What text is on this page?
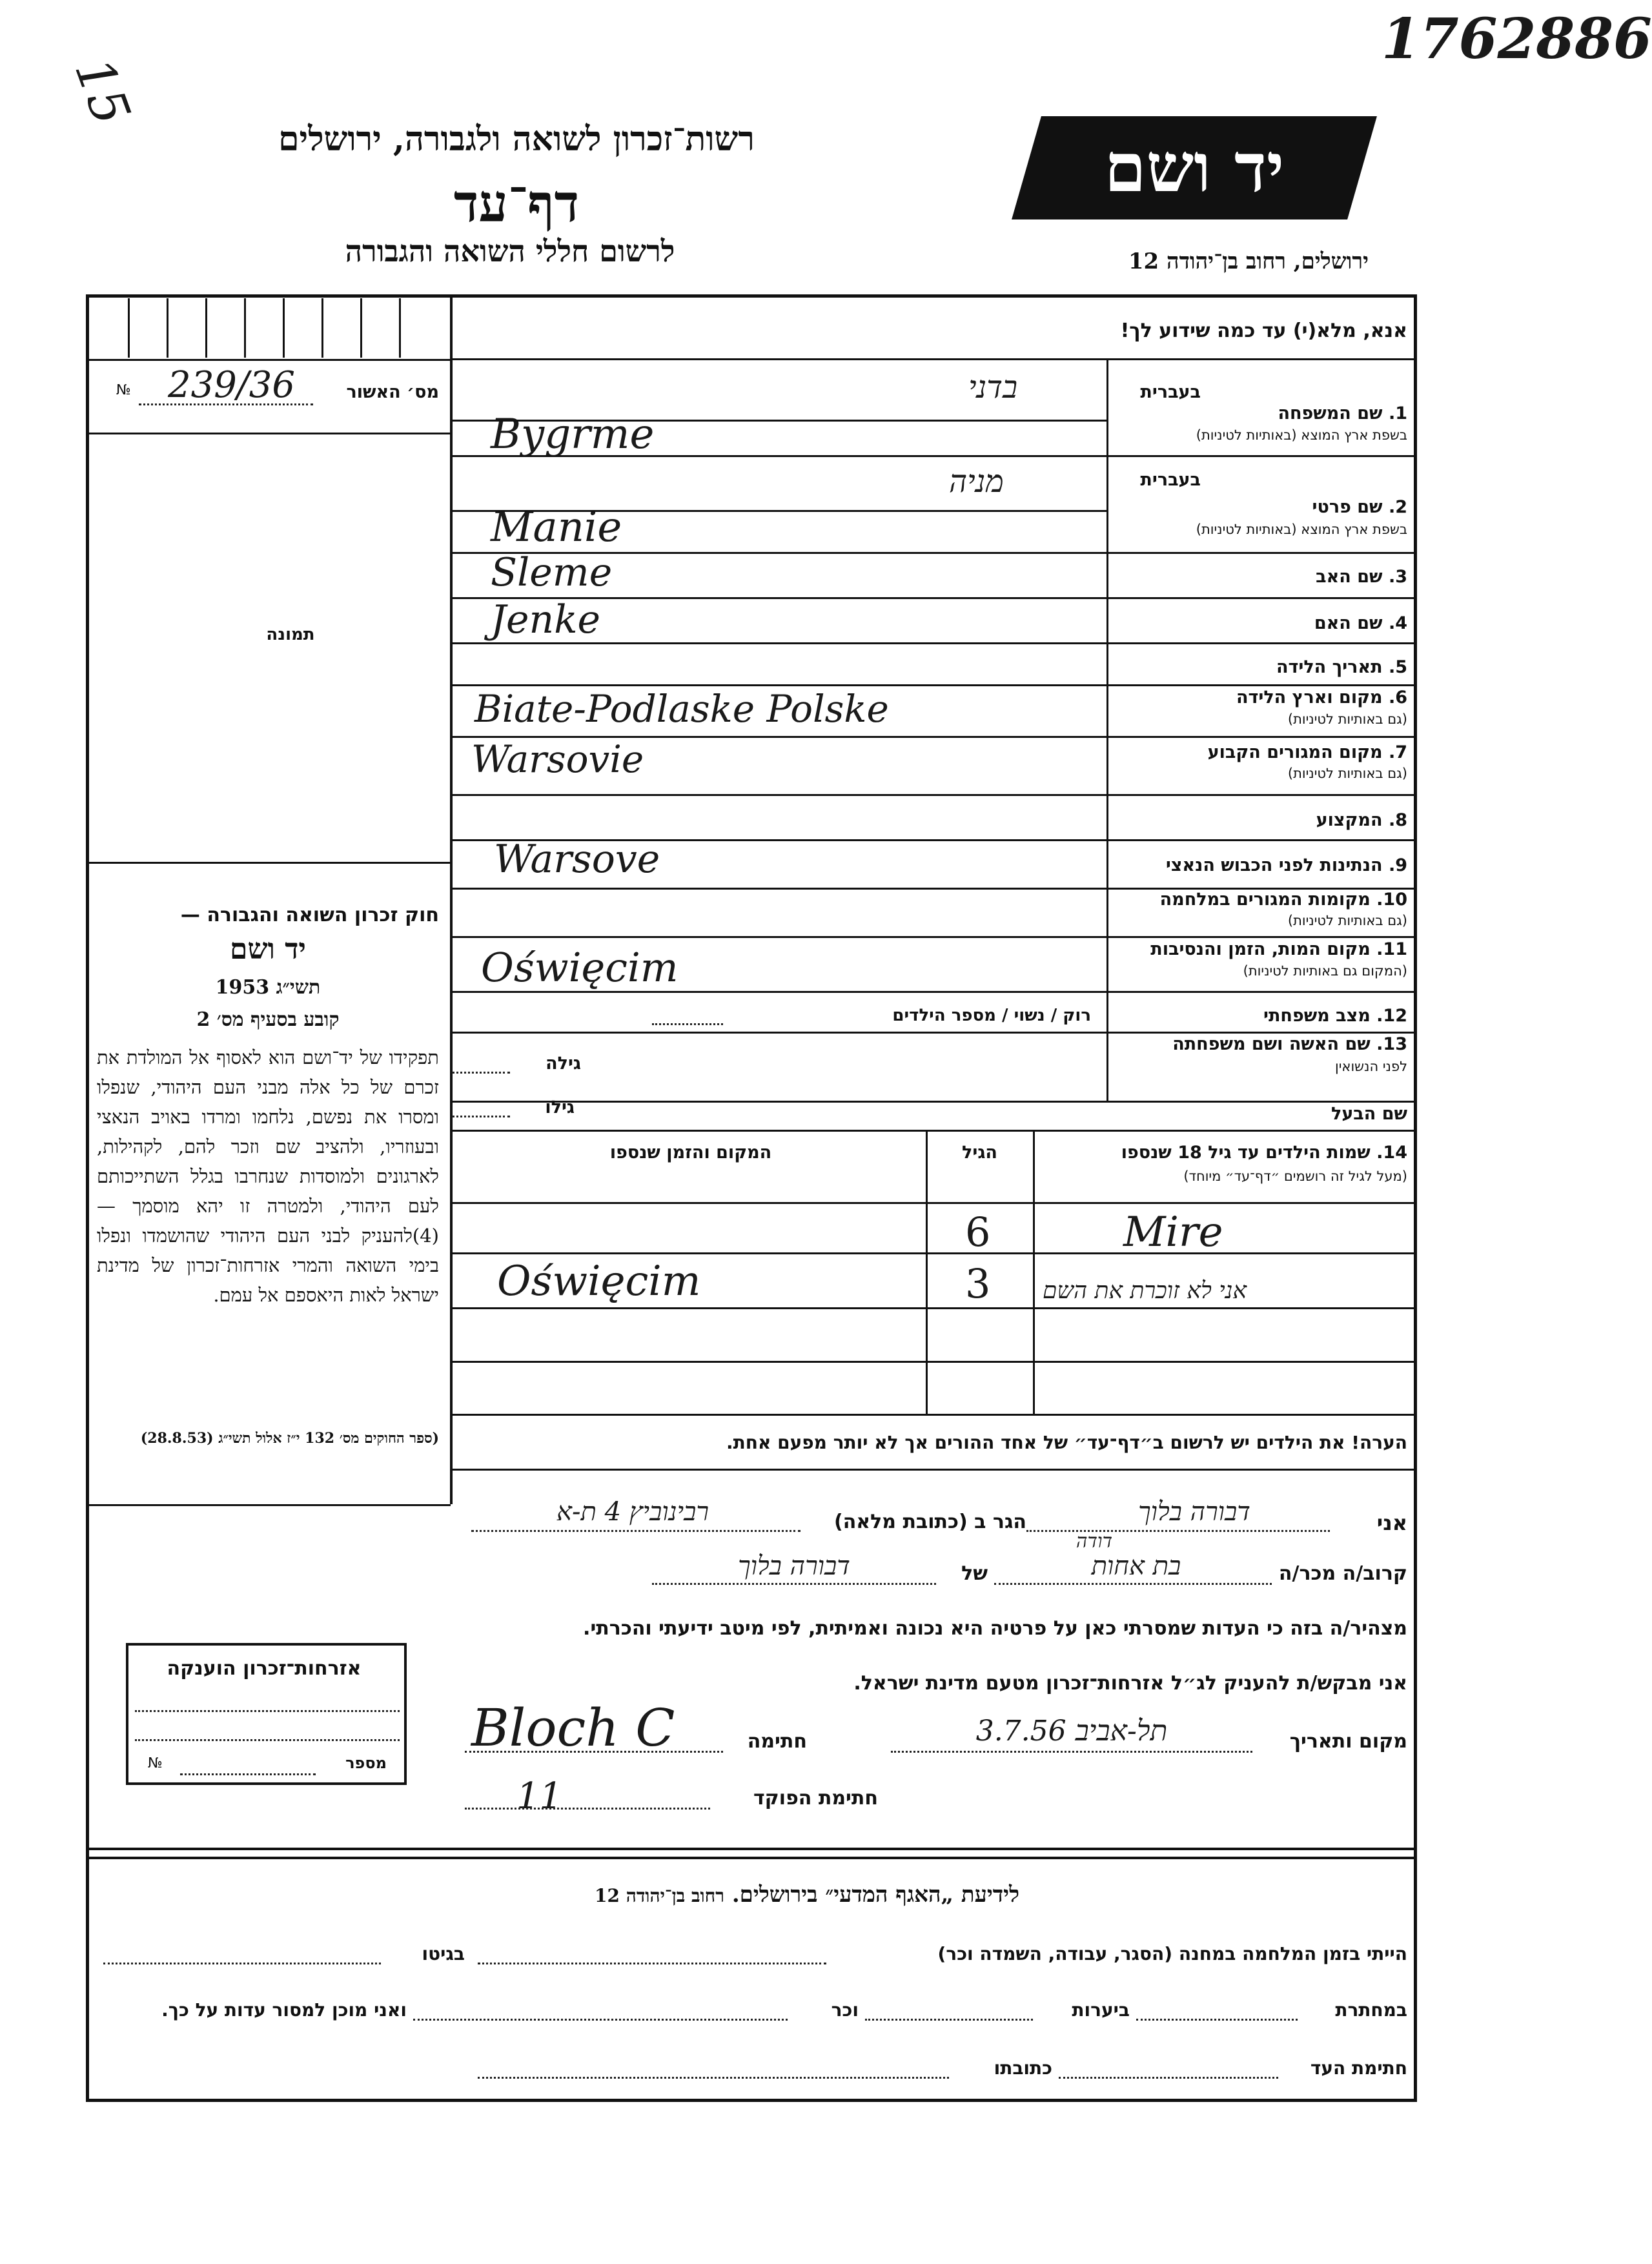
1762886
15
רשות־זכרון לשואה ולגבורה, ירושלים
דף־עד
לרשום חללי השואה והגבורה
יד ושם
ירושלים, רחוב בן־יהודה 12
אנא, מלא(י) עד כמה שידוע לך!
מס׳ האשור
№ 239/36
תמונה
בעברית
1. שם המשפחה
בשפת ארץ המוצא (באותיות לטיניות)
בדני
Bygrme
בעברית
2. שם פרטי
בשפת ארץ המוצא (באותיות לטיניות)
מניה
Manie
3. שם האב
Sleme
4. שם האם
Jenke
5. תאריך הלידה
6. מקום וארץ הלידה
(גם באותיות לטיניות)
Biate-Podlaske Polske
7. מקום המגורים הקבוע
(גם באותיות לטיניות)
Warsovie
8. המקצוע
9. הנתינות לפני הכבוש הנאצי
Warsove
10. מקומות המגורים במלחמה
(גם באותיות לטיניות)
11. מקום המות, הזמן והנסיבות
(המקום גם באותיות לטיניות)
Oświęcim
12. מצב משפחתי
רוק / נשוי / מספר הילדים
13. שם האשה ושם משפחתה
לפני הנשואין
גילה
שם הבעל
גילו
14. שמות הילדים עד גיל 18 שנספו
(מעל לגיל זה רושמים ״דף־עד״ מיוחד)
הגיל
המקום והזמן שנספו
Mire
6
אני לא זוכרת את השם
3
Oświęcim
הערה! את הילדים יש לרשום ב״דף־עד״ של אחד ההורים אך לא יותר מפעם אחת.
חוק זכרון השואה והגבורה —
יד ושם
תשי״ג 1953
קובע בסעיף מס׳ 2
תפקידו של יד־ושם הוא לאסוף אל המולדת את זכרם של כל אלה מבני העם היהודי, שנפלו ומסרו את נפשם, נלחמו ומרדו באויב הנאצי ובעוזריו, ולהציב שם וזכר להם, לקהילות, לארגונים ולמוסדות שנחרבו בגלל השתייכותם לעם היהודי, ולמטרה זו יהא מוסמך — (4)להעניק לבני העם היהודי שהושמדו ונפלו בימי השואה והמרי אזרחות־זכרון של מדינת ישראל לאות היאספם אל עמם.
(ספר החוקים מס׳ 132 י״ז אלול תשי״ג (28.8.53)
אזרחות־זכרון הוענקה
מספר
№
אני
דבורה בלוך
הגר ב (כתובת מלאה)
רבינוביץ 4 ת-א
קרוב/ה מכר/ה
דודה
בת אחות
של
דבורה בלוך
מצהיר/ה בזה כי העדות שמסרתי כאן על פרטיה היא נכונה ואמיתית, לפי מיטב ידיעתי והכרתי.
אני מבקש/ת להעניק לג״ל אזרחות־זכרון מטעם מדינת ישראל.
מקום ותאריך
תל-אביב 3.7.56
חתימה
Bloch C
חתימת הפוקד
11
לידיעת „האגף המדעי״ בירושלים. רחוב בן־יהודה 12
הייתי בזמן המלחמה במחנה (הסגר, עבודה, השמדה וכר)
בגיטו
במחתרת
ביערות
וכר
ואני מוכן למסור עדות על כך.
חתימת העד
כתובתו
